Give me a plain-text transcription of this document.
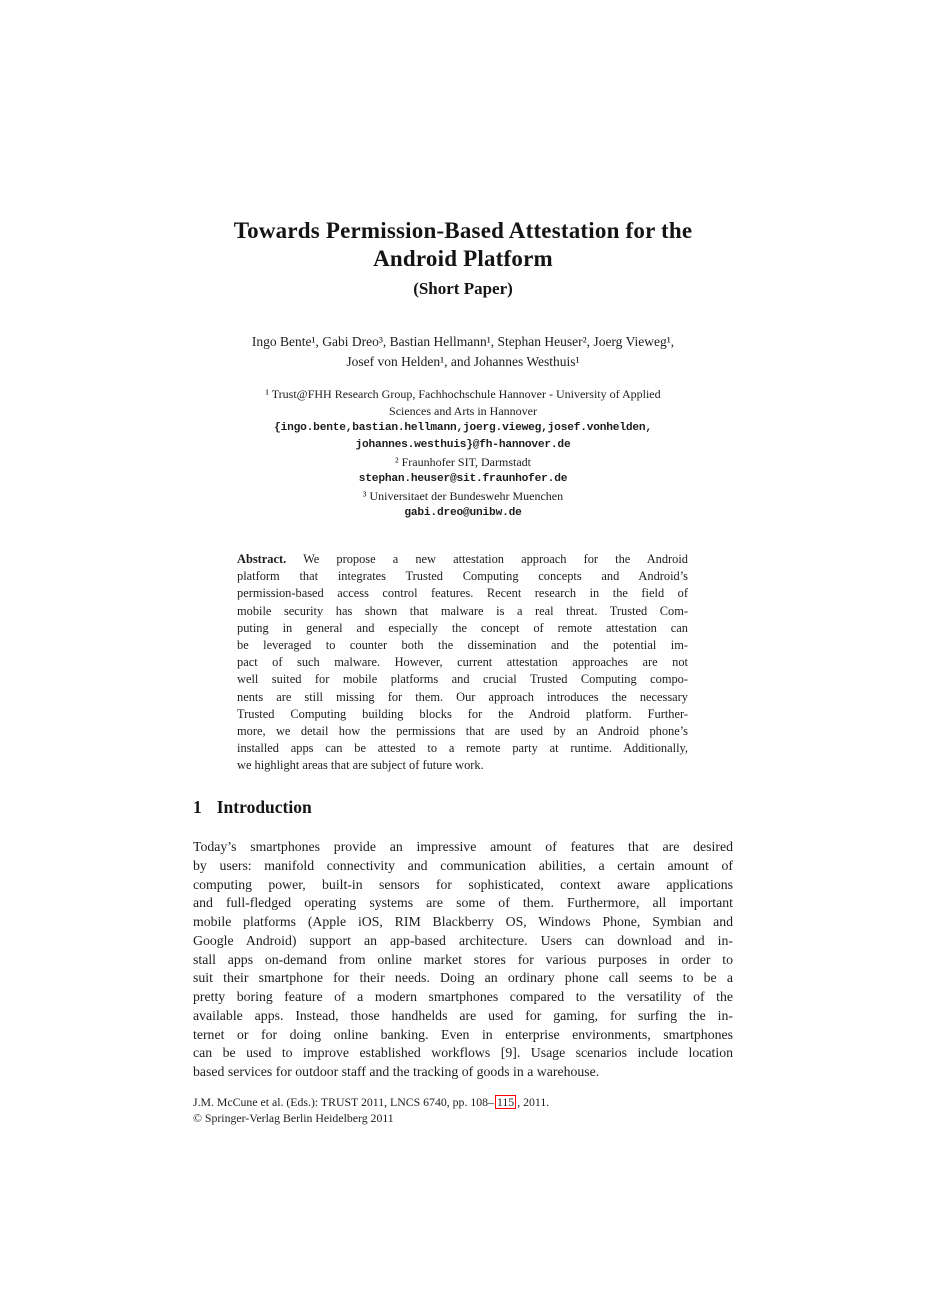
Towards Permission-Based Attestation for the
Android Platform
(Short Paper)
Ingo Bente¹, Gabi Dreo³, Bastian Hellmann¹, Stephan Heuser², Joerg Vieweg¹,
Josef von Helden¹, and Johannes Westhuis¹
¹ Trust@FHH Research Group, Fachhochschule Hannover - University of Applied
Sciences and Arts in Hannover
{ingo.bente,bastian.hellmann,joerg.vieweg,josef.vonhelden,
johannes.westhuis}@fh-hannover.de
² Fraunhofer SIT, Darmstadt
stephan.heuser@sit.fraunhofer.de
³ Universitaet der Bundeswehr Muenchen
gabi.dreo@unibw.de
Abstract. We propose a new attestation approach for the Android
platform that integrates Trusted Computing concepts and Android’s
permission-based access control features. Recent research in the field of
mobile security has shown that malware is a real threat. Trusted Com-
puting in general and especially the concept of remote attestation can
be leveraged to counter both the dissemination and the potential im-
pact of such malware. However, current attestation approaches are not
well suited for mobile platforms and crucial Trusted Computing compo-
nents are still missing for them. Our approach introduces the necessary
Trusted Computing building blocks for the Android platform. Further-
more, we detail how the permissions that are used by an Android phone’s
installed apps can be attested to a remote party at runtime. Additionally,
we highlight areas that are subject of future work.
1 Introduction
Today’s smartphones provide an impressive amount of features that are desired
by users: manifold connectivity and communication abilities, a certain amount of
computing power, built-in sensors for sophisticated, context aware applications
and full-fledged operating systems are some of them. Furthermore, all important
mobile platforms (Apple iOS, RIM Blackberry OS, Windows Phone, Symbian and
Google Android) support an app-based architecture. Users can download and in-
stall apps on-demand from online market stores for various purposes in order to
suit their smartphone for their needs. Doing an ordinary phone call seems to be a
pretty boring feature of a modern smartphones compared to the versatility of the
available apps. Instead, those handhelds are used for gaming, for surfing the in-
ternet or for doing online banking. Even in enterprise environments, smartphones
can be used to improve established workflows [9]. Usage scenarios include location
based services for outdoor staff and the tracking of goods in a warehouse.
J.M. McCune et al. (Eds.): TRUST 2011, LNCS 6740, pp. 108– 115 , 2011.
© Springer-Verlag Berlin Heidelberg 2011
